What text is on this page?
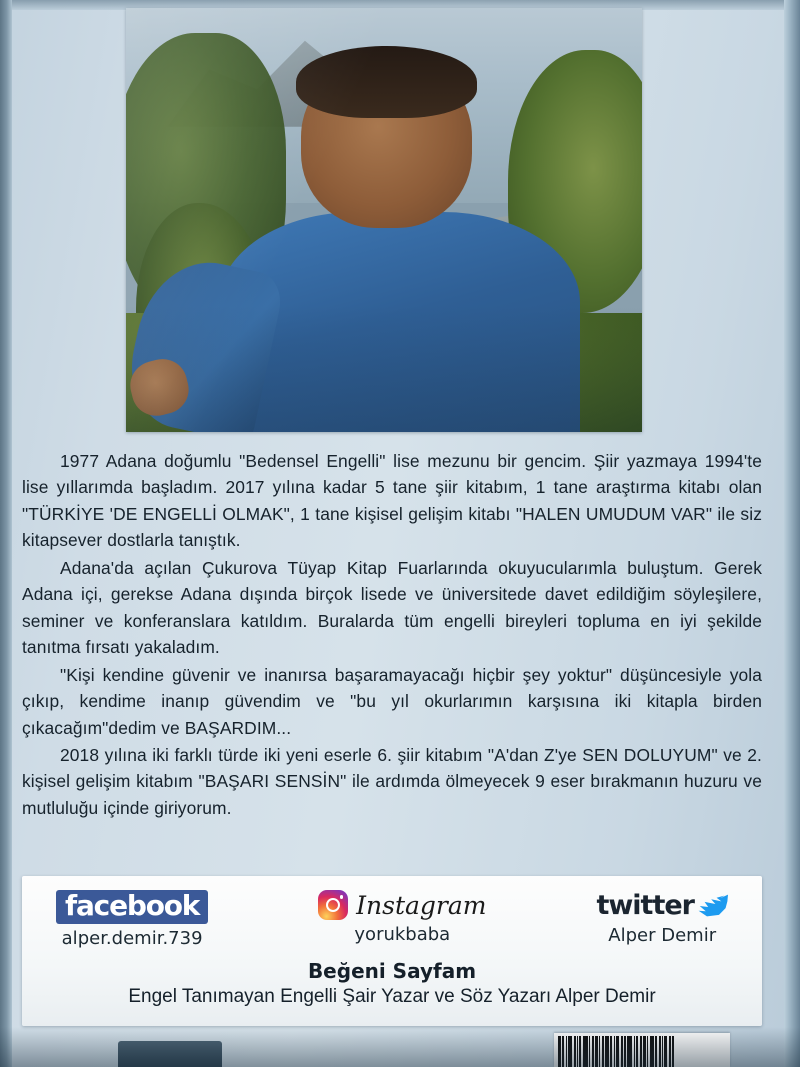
1977 Adana doğumlu "Bedensel Engelli" lise mezunu bir gencim. Şiir yazmaya 1994'te lise yıllarımda başladım. 2017 yılına kadar 5 tane şiir kitabım, 1 tane araştırma kitabı olan "TÜRKİYE 'DE ENGELLİ OLMAK", 1 tane kişisel gelişim kitabı "HALEN UMUDUM VAR" ile siz kitapsever dostlarla tanıştık.

Adana'da açılan Çukurova Tüyap Kitap Fuarlarında okuyucularımla buluştum. Gerek Adana içi, gerekse Adana dışında birçok lisede ve üniversitede davet edildiğim söyleşilere, seminer ve konferanslara katıldım. Buralarda tüm engelli bireyleri topluma en iyi şekilde tanıtma fırsatı yakaladım.

"Kişi kendine güvenir ve inanırsa başaramayacağı hiçbir şey yoktur" düşüncesiyle yola çıkıp, kendime inanıp güvendim ve "bu yıl okurlarımın karşısına iki kitapla birden çıkacağım"dedim ve BAŞARDIM...

2018 yılına iki farklı türde iki yeni eserle 6. şiir kitabım "A'dan Z'ye SEN DOLUYUM" ve 2. kişisel gelişim kitabım "BAŞARI SENSİN" ile ardımda ölmeyecek 9 eser bırakmanın huzuru ve mutluluğu içinde giriyorum.

facebook
alper.demir.739
Instagram
yorukbaba
twitter
Alper Demir
Beğeni Sayfam
Engel Tanımayan Engelli Şair Yazar ve Söz Yazarı Alper Demir
